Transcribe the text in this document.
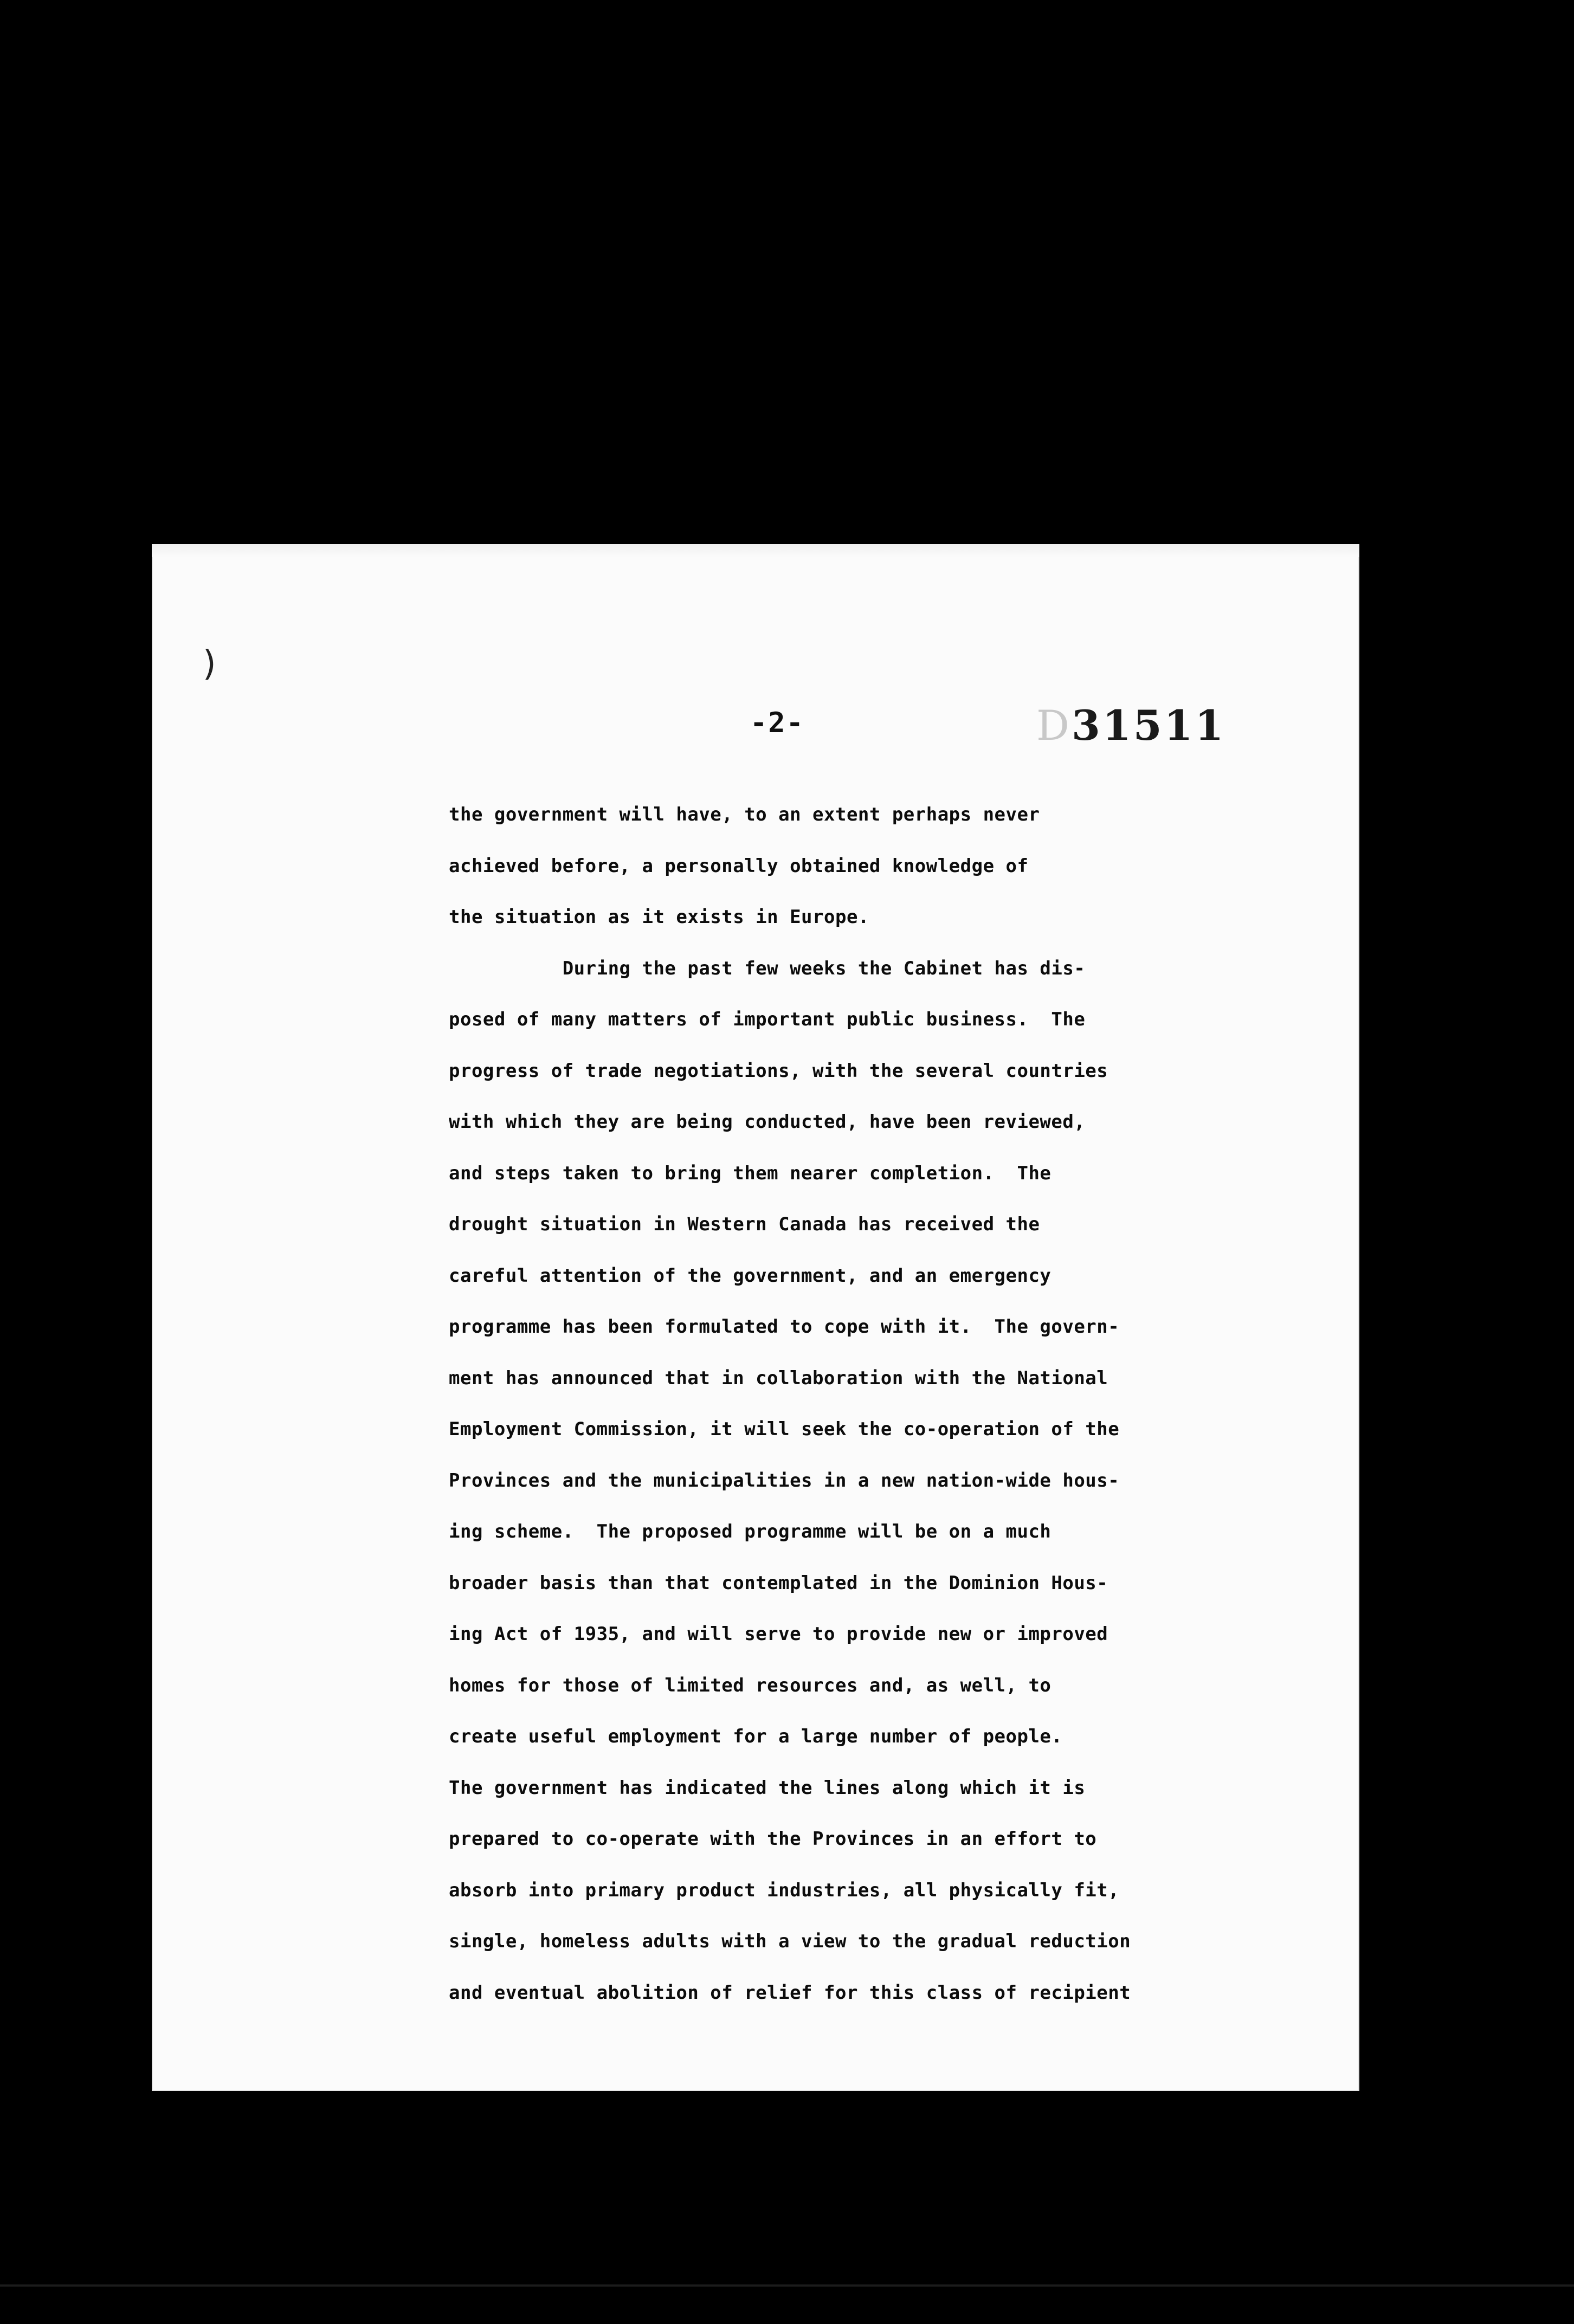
)
-2-	D31511
the government will have, to an extent perhaps never
achieved before, a personally obtained knowledge of
the situation as it exists in Europe.
During the past few weeks the Cabinet has dis-
posed of many matters of important public business.  The
progress of trade negotiations, with the several countries
with which they are being conducted, have been reviewed,
and steps taken to bring them nearer completion.  The
drought situation in Western Canada has received the
careful attention of the government, and an emergency
programme has been formulated to cope with it.  The govern-
ment has announced that in collaboration with the National
Employment Commission, it will seek the co-operation of the
Provinces and the municipalities in a new nation-wide hous-
ing scheme.  The proposed programme will be on a much
broader basis than that contemplated in the Dominion Hous-
ing Act of 1935, and will serve to provide new or improved
homes for those of limited resources and, as well, to
create useful employment for a large number of people.
The government has indicated the lines along which it is
prepared to co-operate with the Provinces in an effort to
absorb into primary product industries, all physically fit,
single, homeless adults with a view to the gradual reduction
and eventual abolition of relief for this class of recipient
